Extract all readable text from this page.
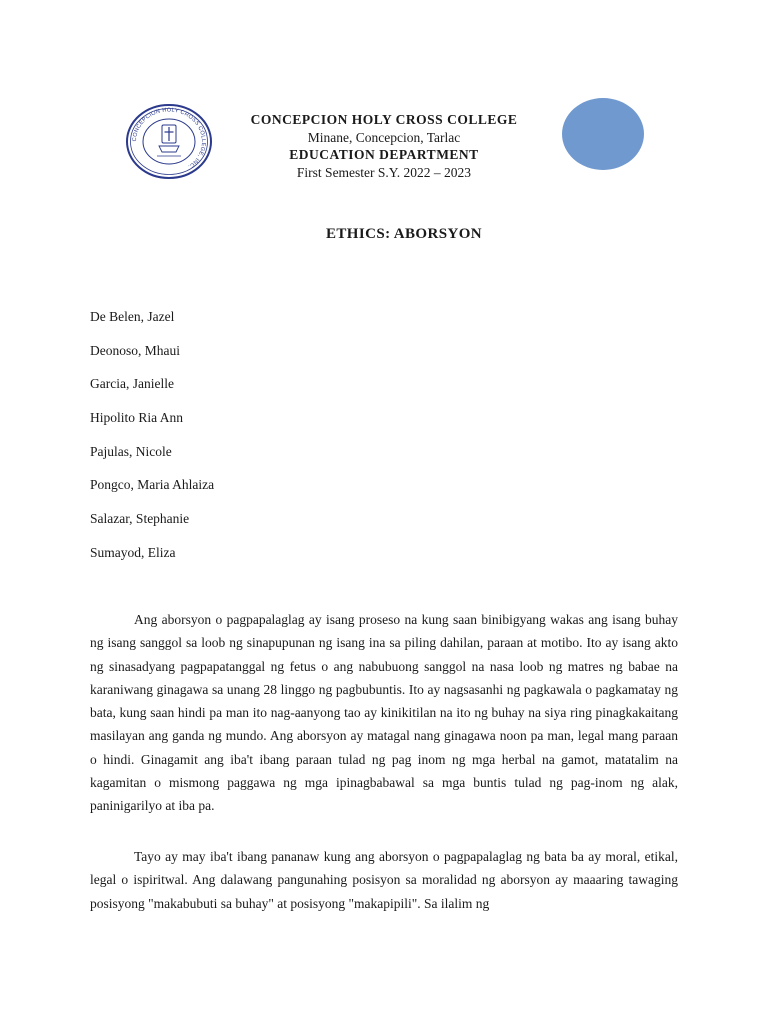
CONCEPCION HOLY CROSS COLLEGE, INC.
CONCEPCION HOLY CROSS COLLEGE
Minane, Concepcion, Tarlac
EDUCATION DEPARTMENT
First Semester S.Y. 2022 – 2023
ETHICS: ABORSYON
De Belen, Jazel
Deonoso, Mhaui
Garcia, Janielle
Hipolito Ria Ann
Pajulas, Nicole
Pongco, Maria Ahlaiza
Salazar, Stephanie
Sumayod, Eliza

Ang aborsyon o pagpapalaglag ay isang proseso na kung saan binibigyang wakas ang isang buhay ng isang sanggol sa loob ng sinapupunan ng isang ina sa piling dahilan, paraan at motibo. Ito ay isang akto ng sinasadyang pagpapatanggal ng fetus o ang nabubuong sanggol na nasa loob ng matres ng babae na karaniwang ginagawa sa unang 28 linggo ng pagbubuntis. Ito ay nagsasanhi ng pagkawala o pagkamatay ng bata, kung saan hindi pa man ito nag-aanyong tao ay kinikitilan na ito ng buhay na siya ring pinagkakaitang masilayan ang ganda ng mundo. Ang aborsyon ay matagal nang ginagawa noon pa man, legal mang paraan o hindi. Ginagamit ang iba't ibang paraan tulad ng pag inom ng mga herbal na gamot, matatalim na kagamitan o mismong paggawa ng mga ipinagbabawal sa mga buntis tulad ng pag-inom ng alak, paninigarilyo at iba pa.

Tayo ay may iba't ibang pananaw kung ang aborsyon o pagpapalaglag ng bata ba ay moral, etikal, legal o ispiritwal. Ang dalawang pangunahing posisyon sa moralidad ng aborsyon ay maaaring tawaging posisyong "makabubuti sa buhay" at posisyong "makapipili". Sa ilalim ng
